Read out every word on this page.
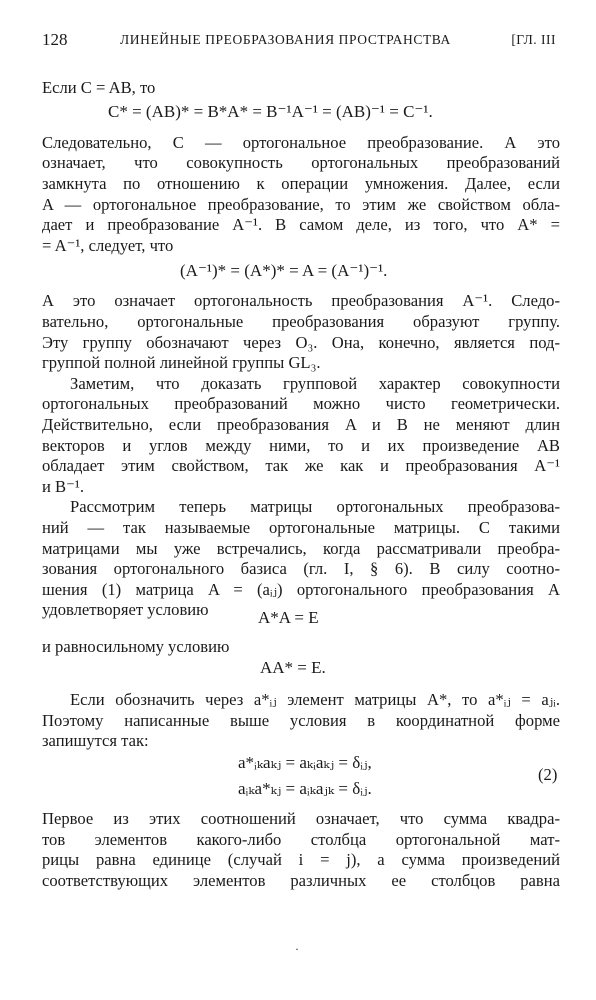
128	ЛИНЕЙНЫЕ ПРЕОБРАЗОВАНИЯ ПРОСТРАНСТВА	[ГЛ. III
Если C = AB, то
C* = (AB)* = B*A* = B⁻¹A⁻¹ = (AB)⁻¹ = C⁻¹.
Следовательно, C — ортогональное преобразование. А это
означает, что совокупность ортогональных преобразований
замкнута по отношению к операции умножения. Далее, если
A — ортогональное преобразование, то этим же свойством обла-
дает и преобразование A⁻¹. В самом деле, из того, что A* =
= A⁻¹, следует, что
(A⁻¹)* = (A*)* = A = (A⁻¹)⁻¹.
А это означает ортогональность преобразования A⁻¹. Следо-
вательно, ортогональные преобразования образуют группу.
Эту группу обозначают через O₃. Она, конечно, является под-
группой полной линейной группы GL₃.
Заметим, что доказать групповой характер совокупности
ортогональных преобразований можно чисто геометрически.
Действительно, если преобразования A и B не меняют длин
векторов и углов между ними, то и их произведение AB
обладает этим свойством, так же как и преобразования A⁻¹
и B⁻¹.
Рассмотрим теперь матрицы ортогональных преобразова-
ний — так называемые ортогональные матрицы. С такими
матрицами мы уже встречались, когда рассматривали преобра-
зования ортогонального базиса (гл. I, § 6). В силу соотно-
шения (1) матрица A = (aᵢⱼ) ортогонального преобразования A
удовлетворяет условию	A*A = E
и равносильному условию
AA* = E.
Если обозначить через a*ᵢⱼ элемент матрицы A*, то a*ᵢⱼ = aⱼᵢ.
Поэтому написанные выше условия в координатной форме
запишутся так:
a*ᵢₖaₖⱼ = aₖᵢaₖⱼ = δᵢⱼ,
aᵢₖa*ₖⱼ = aᵢₖaⱼₖ = δᵢⱼ.
(2)
Первое из этих соотношений означает, что сумма квадра-
тов элементов какого-либо столбца ортогональной мат-
рицы равна единице (случай i = j), а сумма произведений
соответствующих элементов различных ее столбцов равна
·
